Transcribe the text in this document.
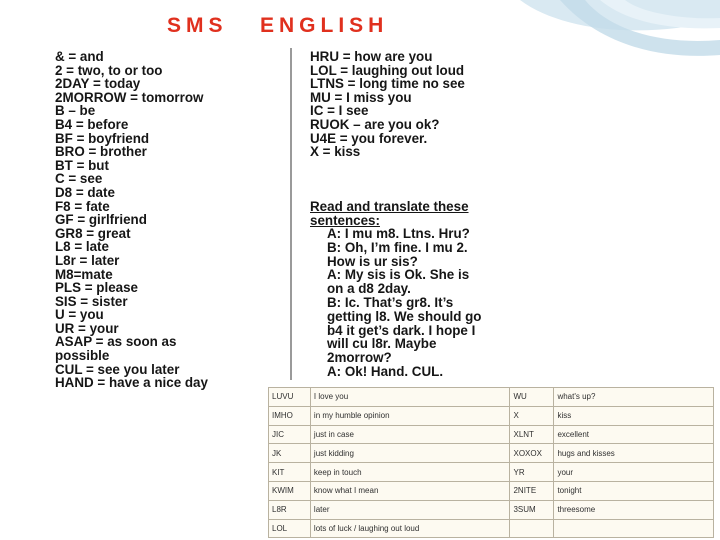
SMS   ENGLISH
& = and
2 = two, to or too
2DAY = today
2MORROW = tomorrow
B – be
B4 = before
BF = boyfriend
BRO = brother
BT = but
C = see
D8 = date
F8 = fate
GF = girlfriend
GR8 = great
L8 = late
L8r = later
M8=mate
PLS = please
SIS = sister
U = you
UR = your
ASAP = as soon as
possible
CUL = see you later
HAND = have a nice day
HRU = how are you
LOL = laughing out loud
LTNS = long time no see
MU = I miss you
IC = I see
RUOK – are you ok?
U4E = you forever.
X = kiss
Read and translate these
sentences:
A: I mu m8. Ltns. Hru?
B: Oh, I’m fine. I mu 2.
How is ur sis?
A: My sis is Ok. She is
on a d8 2day.
B: Ic. That’s gr8. It’s
getting l8. We should go
b4 it get’s dark. I hope I
will cu l8r. Maybe
2morrow?
A: Ok! Hand. CUL.
LUVU	I love you	WU	what's up?
IMHO	in my humble opinion	X	kiss
JIC	just in case	XLNT	excellent
JK	just kidding	XOXOX	hugs and kisses
KIT	keep in touch	YR	your
KWIM	know what I mean	2NITE	tonight
L8R	later	3SUM	threesome
LOL	lots of luck / laughing out loud		
